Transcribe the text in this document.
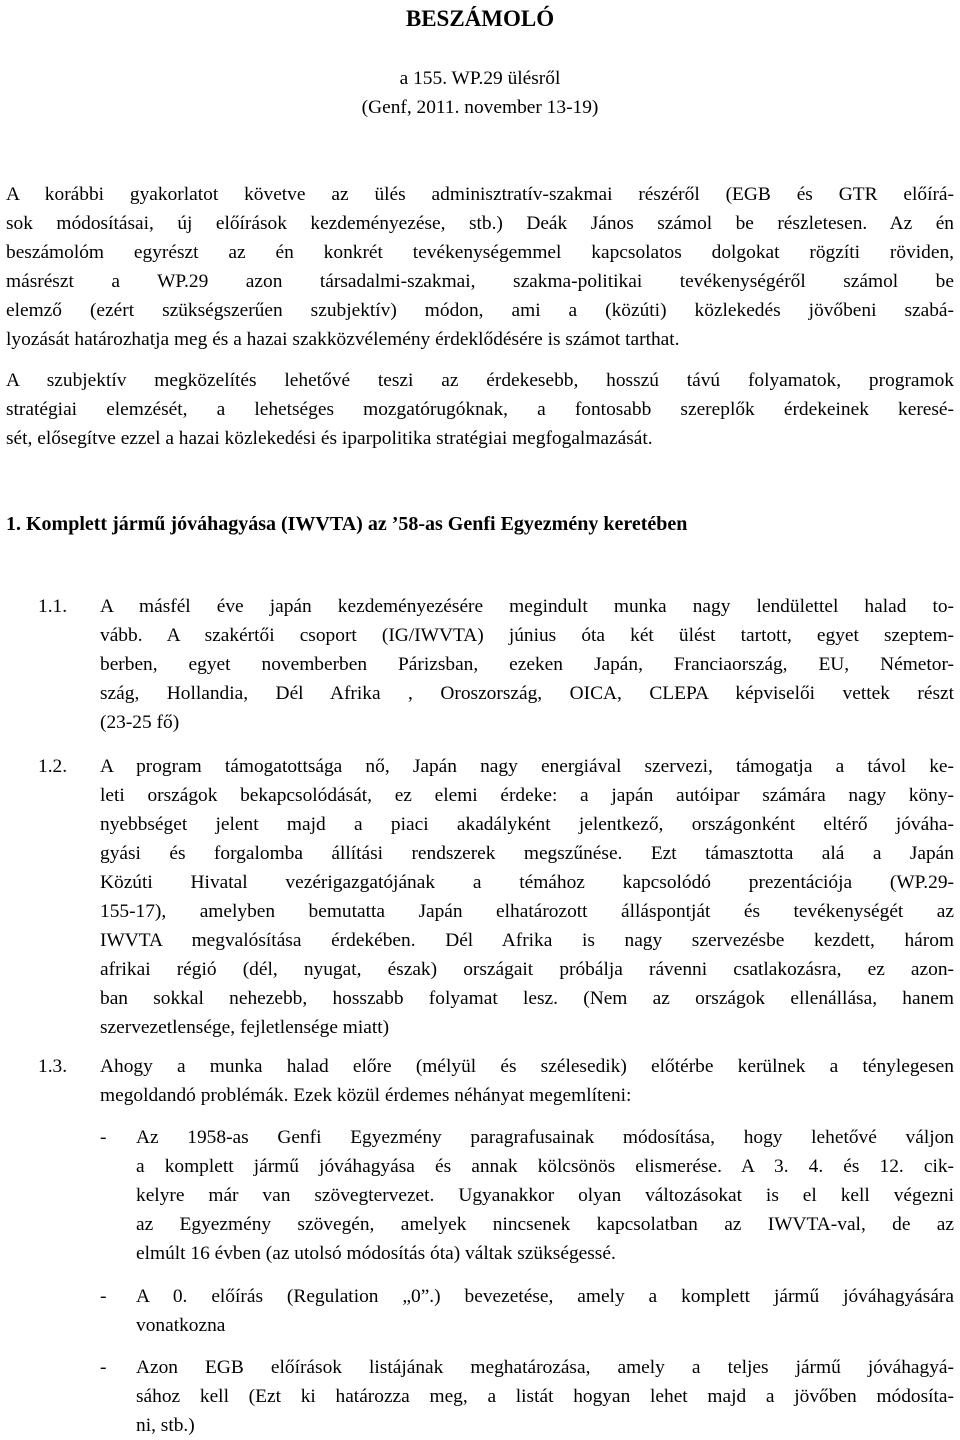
BESZÁMOLÓ
a 155. WP.29 ülésről
(Genf, 2011. november 13-19)
A korábbi gyakorlatot követve az ülés adminisztratív-szakmai részéről (EGB és GTR előírá-
sok módosításai, új előírások kezdeményezése, stb.) Deák János számol be részletesen. Az én
beszámolóm egyrészt az én konkrét tevékenységemmel kapcsolatos dolgokat rögzíti röviden,
másrészt a WP.29 azon társadalmi-szakmai, szakma-politikai tevékenységéről számol be
elemző (ezért szükségszerűen szubjektív) módon, ami a (közúti) közlekedés jövőbeni szabá-
lyozását határozhatja meg és a hazai szakközvélemény érdeklődésére is számot tarthat.
A szubjektív megközelítés lehetővé teszi az érdekesebb, hosszú távú folyamatok, programok
stratégiai elemzését, a lehetséges mozgatórugóknak, a fontosabb szereplők érdekeinek keresé-
sét, elősegítve ezzel a hazai közlekedési és iparpolitika stratégiai megfogalmazását.
1. Komplett jármű jóváhagyása (IWVTA) az ’58-as Genfi Egyezmény keretében
1.1.	A másfél éve japán kezdeményezésére megindult munka nagy lendülettel halad to-
vább. A szakértői csoport (IG/IWVTA) június óta két ülést tartott, egyet szeptem-
berben, egyet novemberben Párizsban, ezeken Japán, Franciaország, EU, Németor-
szág, Hollandia, Dél Afrika , Oroszország, OICA, CLEPA képviselői vettek részt
(23-25 fő)
1.2.	A program támogatottsága nő, Japán nagy energiával szervezi, támogatja a távol ke-
leti országok bekapcsolódását, ez elemi érdeke: a japán autóipar számára nagy köny-
nyebbséget jelent majd a piaci akadályként jelentkező, országonként eltérő jóváha-
gyási és forgalomba állítási rendszerek megszűnése. Ezt támasztotta alá a Japán
Közúti Hivatal vezérigazgatójának a témához kapcsolódó prezentációja (WP.29-
155-17), amelyben bemutatta Japán elhatározott álláspontját és tevékenységét az
IWVTA megvalósítása érdekében. Dél Afrika is nagy szervezésbe kezdett, három
afrikai régió (dél, nyugat, észak) országait próbálja rávenni csatlakozásra, ez azon-
ban sokkal nehezebb, hosszabb folyamat lesz. (Nem az országok ellenállása, hanem
szervezetlensége, fejletlensége miatt)
1.3.	Ahogy a munka halad előre (mélyül és szélesedik) előtérbe kerülnek a ténylegesen
megoldandó problémák. Ezek közül érdemes néhányat megemlíteni:
-	Az 1958-as Genfi Egyezmény paragrafusainak módosítása, hogy lehetővé váljon
a komplett jármű jóváhagyása és annak kölcsönös elismerése. A 3. 4. és 12. cik-
kelyre már van szövegtervezet. Ugyanakkor olyan változásokat is el kell végezni
az Egyezmény szövegén, amelyek nincsenek kapcsolatban az IWVTA-val, de az
elmúlt 16 évben (az utolsó módosítás óta) váltak szükségessé.
-	A 0. előírás (Regulation „0”.) bevezetése, amely a komplett jármű jóváhagyására
vonatkozna
-	Azon EGB előírások listájának meghatározása, amely a teljes jármű jóváhagyá-
sához kell (Ezt ki határozza meg, a listát hogyan lehet majd a jövőben módosíta-
ni, stb.)
